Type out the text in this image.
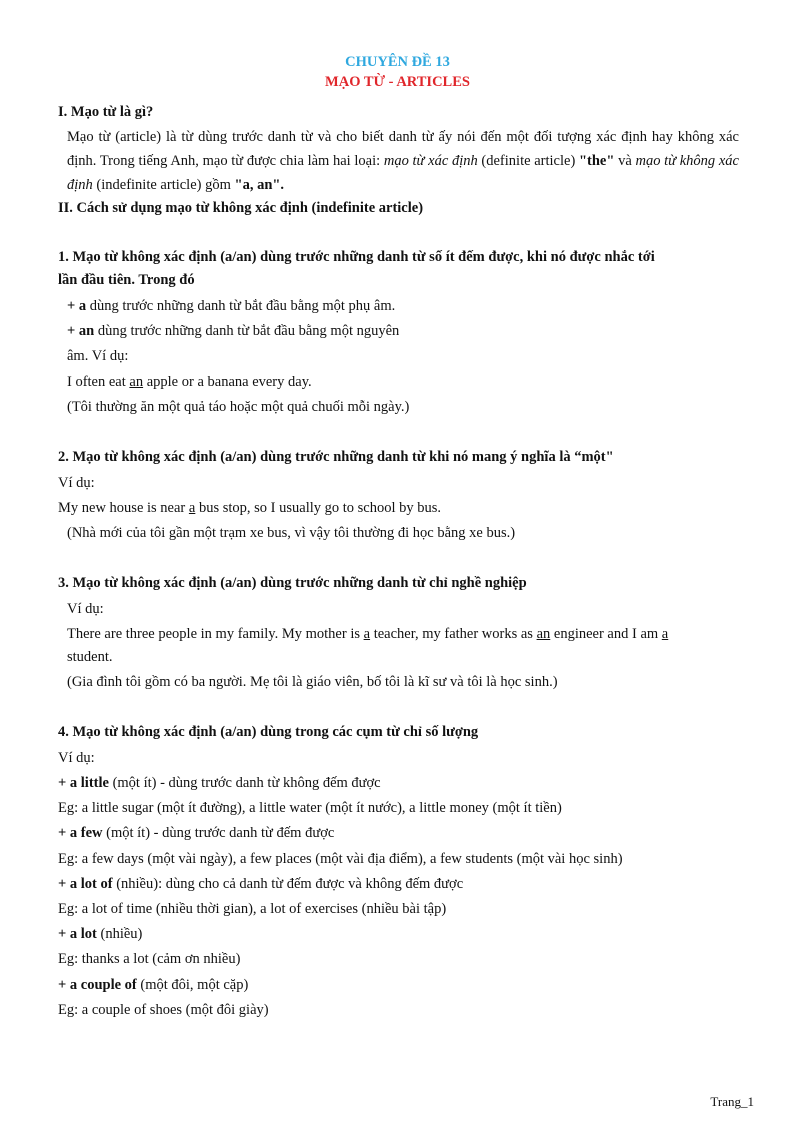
CHUYÊN ĐỀ 13
MẠO TỪ - ARTICLES
I. Mạo từ là gì?
Mạo từ (article) là từ dùng trước danh từ và cho biết danh từ ấy nói đến một đối tượng xác định hay không xác định. Trong tiếng Anh, mạo từ được chia làm hai loại: mạo từ xác định (definite article) "the" và mạo từ không xác định (indefinite article) gồm "a, an".
II. Cách sử dụng mạo từ không xác định (indefinite article)
1. Mạo từ không xác định (a/an) dùng trước những danh từ số ít đếm được, khi nó được nhắc tới
lần đầu tiên. Trong đó
+ a dùng trước những danh từ bắt đầu bằng một phụ âm.
+ an dùng trước những danh từ bắt đầu bằng một nguyên
âm. Ví dụ:
I often eat an apple or a banana every day.
(Tôi thường ăn một quả táo hoặc một quả chuối mỗi ngày.)
2. Mạo từ không xác định (a/an) dùng trước những danh từ khi nó mang ý nghĩa là “một"
Ví dụ:
My new house is near a bus stop, so I usually go to school by bus.
(Nhà mới của tôi gần một trạm xe bus, vì vậy tôi thường đi học bằng xe bus.)
3. Mạo từ không xác định (a/an) dùng trước những danh từ chỉ nghề nghiệp
Ví dụ:
There are three people in my family. My mother is a teacher, my father works as an engineer and I am a
student.
(Gia đình tôi gồm có ba người. Mẹ tôi là giáo viên, bố tôi là kĩ sư và tôi là học sinh.)
4. Mạo từ không xác định (a/an) dùng trong các cụm từ chỉ số lượng
Ví dụ:
+ a little (một ít) - dùng trước danh từ không đếm được
Eg: a little sugar (một ít đường), a little water (một ít nước), a little money (một ít tiền)
+ a few (một ít) - dùng trước danh từ đếm được
Eg: a few days (một vài ngày), a few places (một vài địa điểm), a few students (một vài học sinh)
+ a lot of (nhiều): dùng cho cả danh từ đếm được và không đếm được
Eg: a lot of time (nhiều thời gian), a lot of exercises (nhiều bài tập)
+ a lot (nhiều)
Eg: thanks a lot (cảm ơn nhiều)
+ a couple of (một đôi, một cặp)
Eg: a couple of shoes (một đôi giày)
Trang_1
